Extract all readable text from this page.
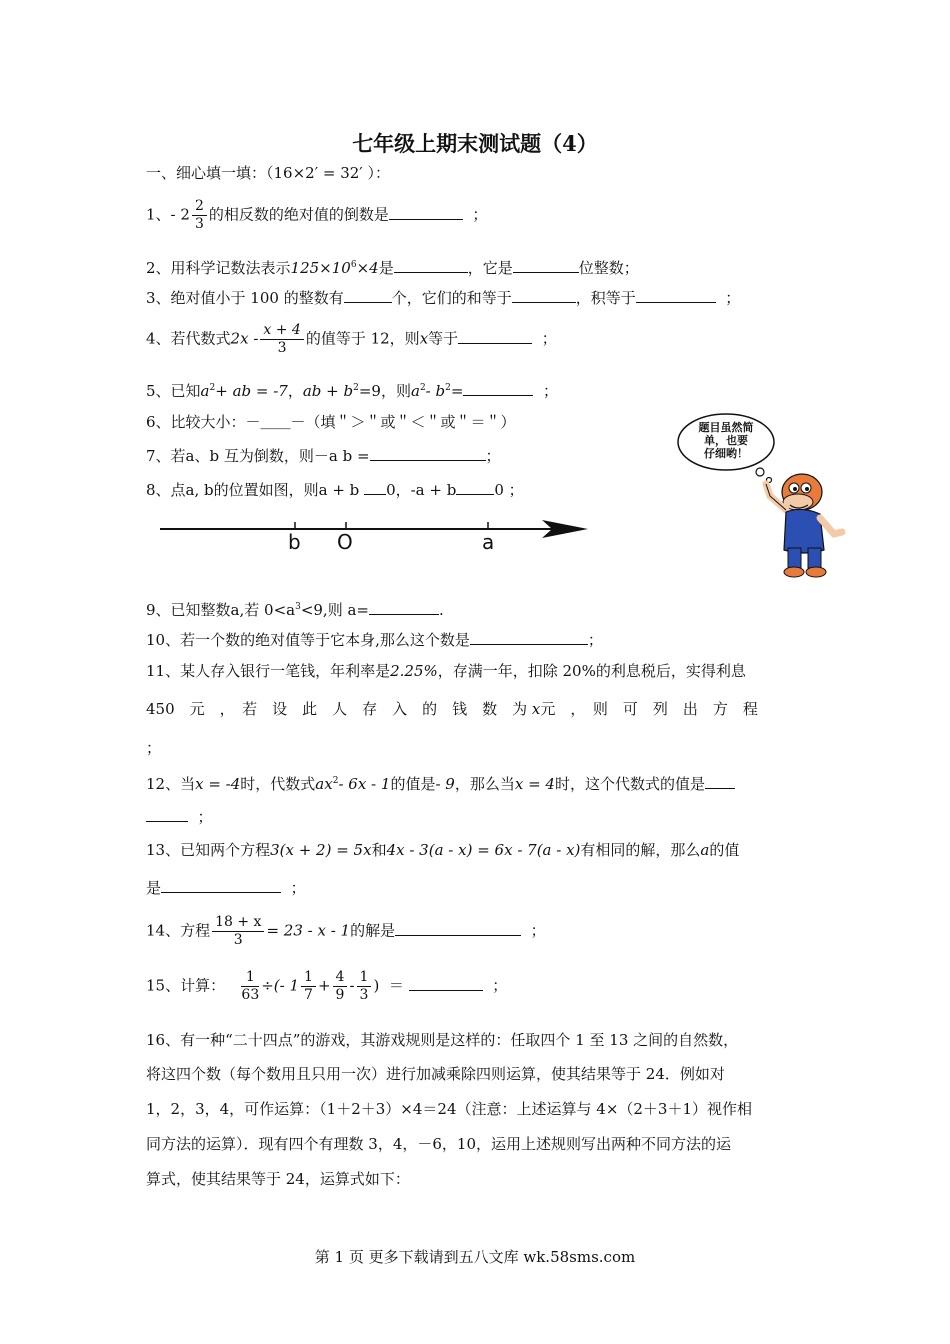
七年级上期末测试题（4）
一、细心填一填：（16×2′ = 32′ ）：
1、- $2 \frac{2}{3}$ 的相反数的绝对值的倒数是	；
2、用科学记数法表示$125\times 10^6\times 4$是	，它是	位整数；
3、绝对值小于 100 的整数有	个，它们的和等于	，积等于	；
4、若代数式$2x - \frac{x + 4}{3}$ 的值等于 12，则x等于	；
5、已知$a^2+$ ab = -7，ab + $b^2=9$，则$a^2-$ $b^2=$	；
6、比较大小：－＿＿－（填＂＞＂或＂＜＂或＂＝＂）
7、若a、b 互为倒数，则－a b =	；
8、点a, b的位置如图，则a + b 0，-a + b	0 ；
b O	a
题目虽然简
单，也要
仔细哟！
9、已知整数a,若 $0<a^3<9$,则 a=	.
10、若一个数的绝对值等于它本身,那么这个数是	；
11、某人存入银行一笔钱，年利率是2.25%，存满一年，扣除 20%的利息税后，实得利息
450　元　，　若　设　此　人　存　入　的　钱　数　为 x元　，　则　可　列　出　方　程
；
12、当x = -4时，代数式$ax^2-$ 6x - 1的值是- 9，那么当x = 4时，这个代数式的值是
；
13、已知两个方程3(x + 2) = 5x和4x - 3(a - x) = 6x - 7(a - x)有相同的解，那么a的值
是	；
14、方程 $\frac{18 + x}{3} = 23 - x - 1$的解是	；
15、计算： $\frac{1}{63}$ ÷(- $1 \frac{1}{7} + \frac{4}{9} - \frac{1}{3}$ ) ＝	；
16、有一种“二十四点”的游戏，其游戏规则是这样的：任取四个 1 至 13 之间的自然数，
将这四个数（每个数用且只用一次）进行加减乘除四则运算，使其结果等于 24．例如对
1，2，3，4，可作运算：（1＋2＋3）×4＝24（注意：上述运算与 4×（2＋3＋1）视作相
同方法的运算）．现有四个有理数 3，4，－6，10，运用上述规则写出两种不同方法的运
算式，使其结果等于 24，运算式如下：
第 1 页 更多下载请到五八文库 wk.58sms.com
